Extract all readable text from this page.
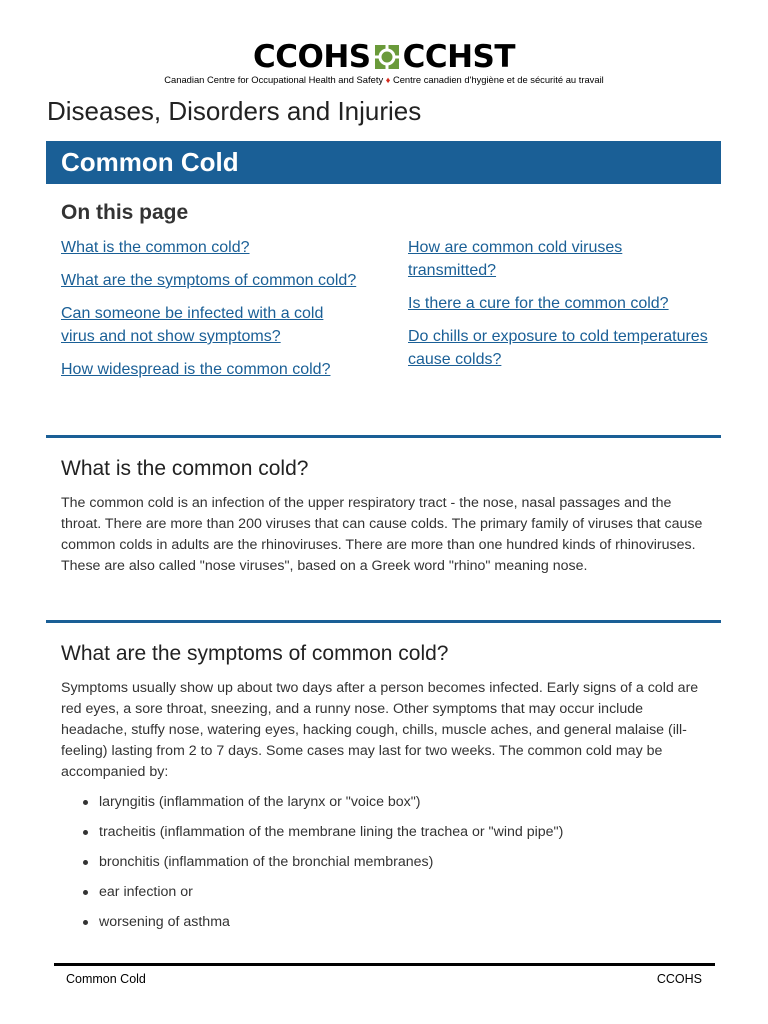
CCOHS CCHST
Canadian Centre for Occupational Health and Safety ♦ Centre canadien d'hygiène et de sécurité au travail
Diseases, Disorders and Injuries
Common Cold
On this page
What is the common cold?
What are the symptoms of common cold?
Can someone be infected with a cold virus and not show symptoms?
How widespread is the common cold?
How are common cold viruses transmitted?
Is there a cure for the common cold?
Do chills or exposure to cold temperatures cause colds?
What is the common cold?

The common cold is an infection of the upper respiratory tract - the nose, nasal passages and the throat. There are more than 200 viruses that can cause colds. The primary family of viruses that cause common colds in adults are the rhinoviruses. There are more than one hundred kinds of rhinoviruses. These are also called "nose viruses", based on a Greek word "rhino" meaning nose.

What are the symptoms of common cold?

Symptoms usually show up about two days after a person becomes infected. Early signs of a cold are red eyes, a sore throat, sneezing, and a runny nose. Other symptoms that may occur include headache, stuffy nose, watering eyes, hacking cough, chills, muscle aches, and general malaise (ill-feeling) lasting from 2 to 7 days. Some cases may last for two weeks. The common cold may be accompanied by:

laryngitis (inflammation of the larynx or "voice box")
tracheitis (inflammation of the membrane lining the trachea or "wind pipe")
bronchitis (inflammation of the bronchial membranes)
ear infection or
worsening of asthma
Common Cold	CCOHS
